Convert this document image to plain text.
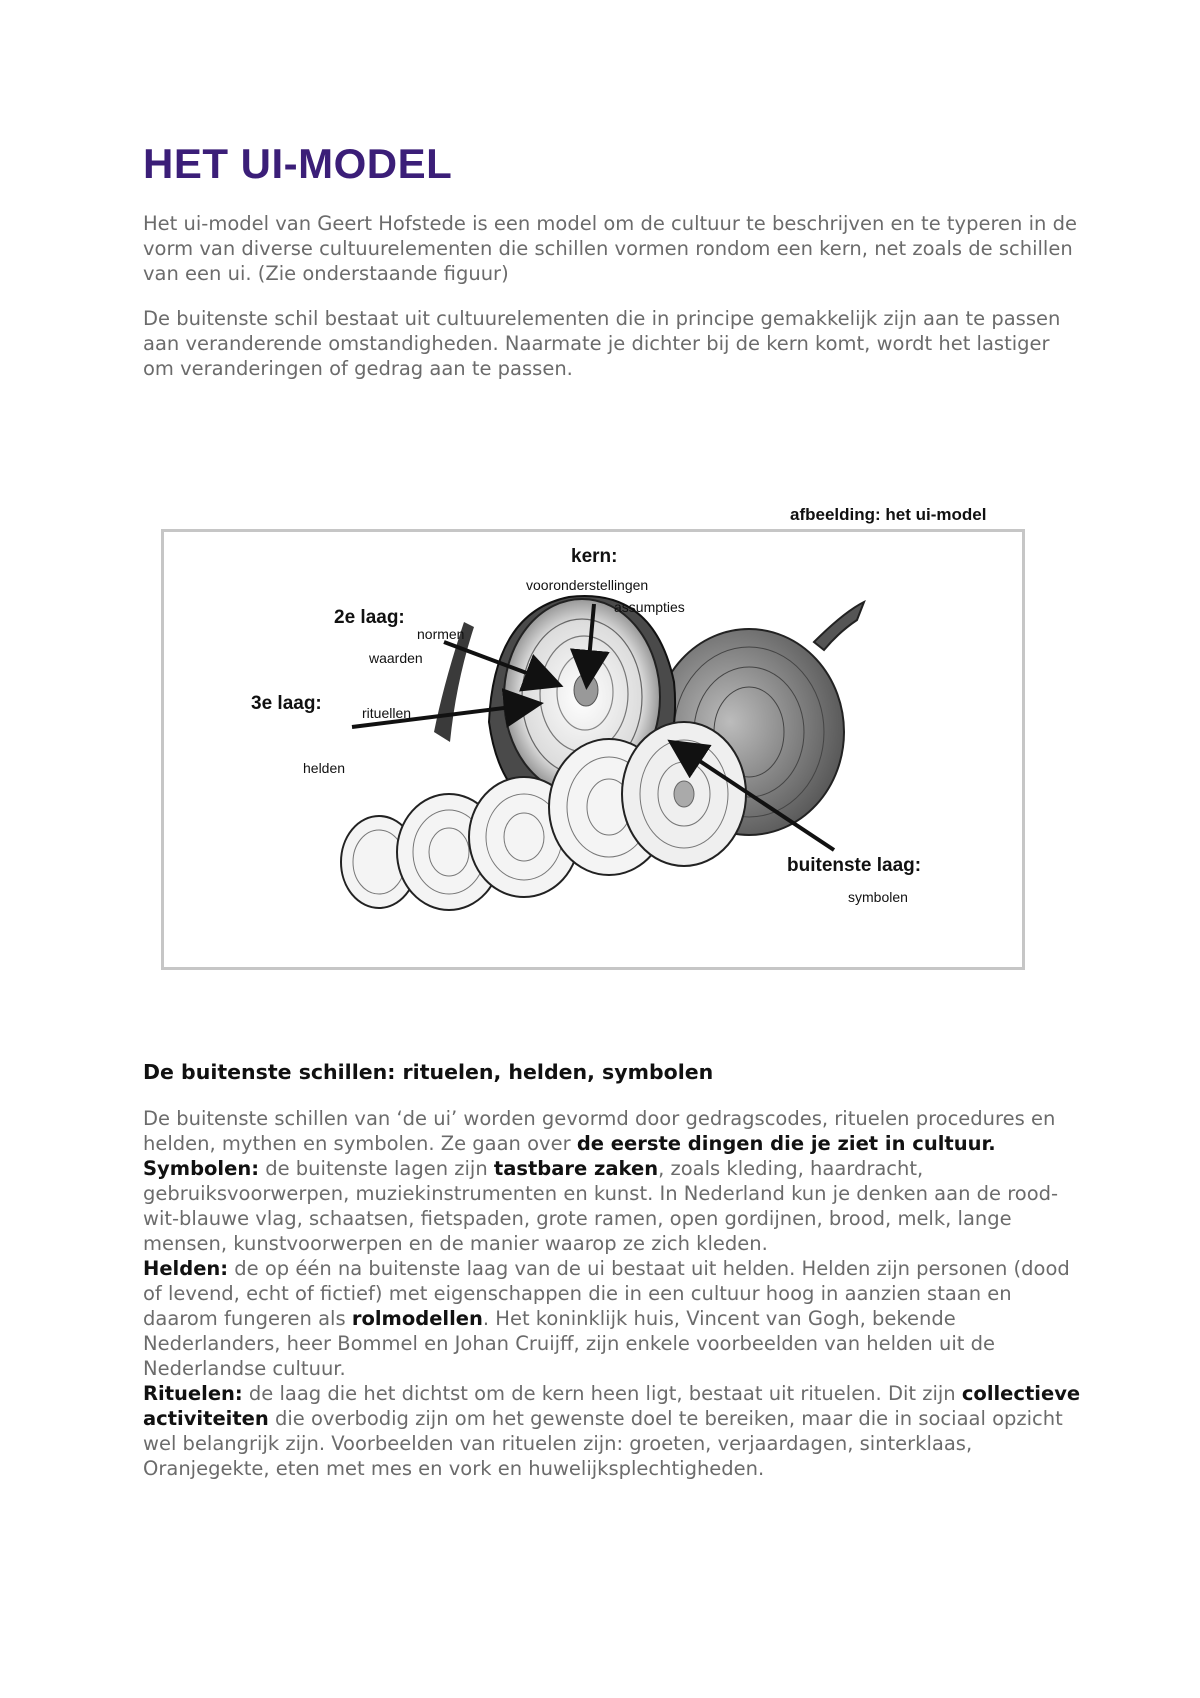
HET UI-MODEL

Het ui-model van Geert Hofstede is een model om de cultuur te beschrijven en te typeren in de vorm van diverse cultuurelementen die schillen vormen rondom een kern, net zoals de schillen van een ui. (Zie onderstaande figuur)

De buitenste schil bestaat uit cultuurelementen die in principe gemakkelijk zijn aan te passen aan veranderende omstandigheden. Naarmate je dichter bij de kern komt, wordt het lastiger om veranderingen of gedrag aan te passen.

afbeelding: het ui-model
kern:
vooronderstellingen
assumpties
2e laag:
normen
waarden
3e laag:	rituellen
helden
buitenste laag:
symbolen
De buitenste schillen: rituelen, helden, symbolen

De buitenste schillen van ‘de ui’ worden gevormd door gedragscodes, rituelen procedures en helden, mythen en symbolen. Ze gaan over de eerste dingen die je ziet in cultuur.
Symbolen: de buitenste lagen zijn tastbare zaken, zoals kleding, haardracht, gebruiksvoorwerpen, muziekinstrumenten en kunst. In Nederland kun je denken aan de rood-wit-blauwe vlag, schaatsen, fietspaden, grote ramen, open gordijnen, brood, melk, lange mensen, kunstvoorwerpen en de manier waarop ze zich kleden.
Helden: de op één na buitenste laag van de ui bestaat uit helden. Helden zijn personen (dood of levend, echt of fictief) met eigenschappen die in een cultuur hoog in aanzien staan en daarom fungeren als rolmodellen. Het koninklijk huis, Vincent van Gogh, bekende Nederlanders, heer Bommel en Johan Cruijff, zijn enkele voorbeelden van helden uit de Nederlandse cultuur.
Rituelen: de laag die het dichtst om de kern heen ligt, bestaat uit rituelen. Dit zijn collectieve activiteiten die overbodig zijn om het gewenste doel te bereiken, maar die in sociaal opzicht wel belangrijk zijn. Voorbeelden van rituelen zijn: groeten, verjaardagen, sinterklaas, Oranjegekte, eten met mes en vork en huwelijksplechtigheden.
